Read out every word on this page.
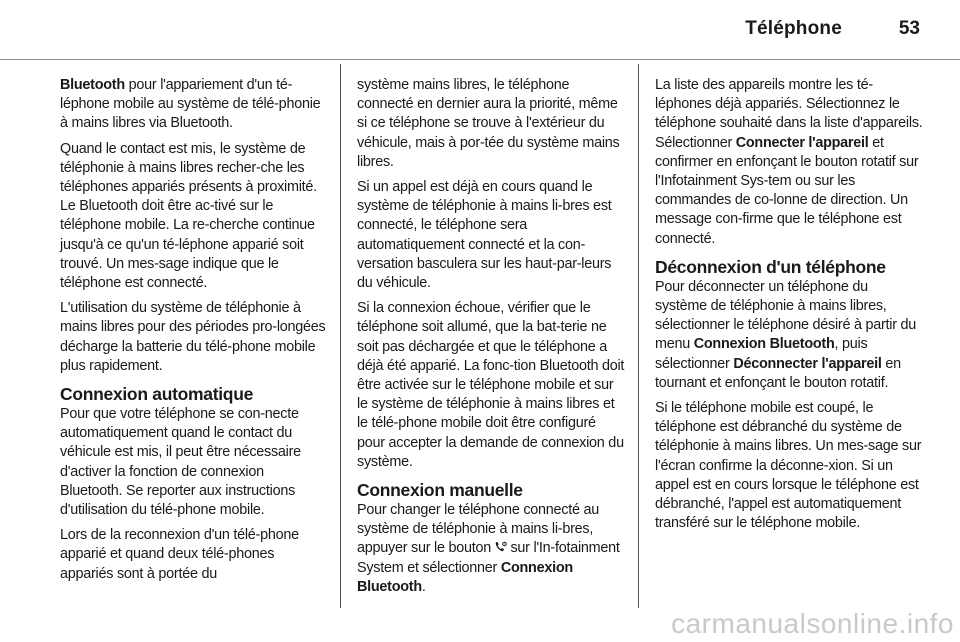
Téléphone	53

Bluetooth pour l'appariement d'un té-léphone mobile au système de télé-phonie à mains libres via Bluetooth.

Quand le contact est mis, le système de téléphonie à mains libres recher-che les téléphones appariés présents à proximité. Le Bluetooth doit être ac-tivé sur le téléphone mobile. La re-cherche continue jusqu'à ce qu'un té-léphone apparié soit trouvé. Un mes-sage indique que le téléphone est connecté.

L'utilisation du système de téléphonie à mains libres pour des périodes pro-longées décharge la batterie du télé-phone mobile plus rapidement.

Connexion automatique

Pour que votre téléphone se con-necte automatiquement quand le contact du véhicule est mis, il peut être nécessaire d'activer la fonction de connexion Bluetooth. Se reporter aux instructions d'utilisation du télé-phone mobile.

Lors de la reconnexion d'un télé-phone apparié et quand deux télé-phones appariés sont à portée du

système mains libres, le téléphone connecté en dernier aura la priorité, même si ce téléphone se trouve à l'extérieur du véhicule, mais à por-tée du système mains libres.

Si un appel est déjà en cours quand le système de téléphonie à mains li-bres est connecté, le téléphone sera automatiquement connecté et la con-versation basculera sur les haut-par-leurs du véhicule.

Si la connexion échoue, vérifier que le téléphone soit allumé, que la bat-terie ne soit pas déchargée et que le téléphone a déjà été apparié. La fonc-tion Bluetooth doit être activée sur le téléphone mobile et sur le système de téléphonie à mains libres et le télé-phone mobile doit être configuré pour accepter la demande de connexion du système.

Connexion manuelle

Pour changer le téléphone connecté au système de téléphonie à mains li-bres, appuyer sur le bouton  sur l'In-fotainment System et sélectionner Connexion Bluetooth.

La liste des appareils montre les té-léphones déjà appariés. Sélectionnez le téléphone souhaité dans la liste d'appareils. Sélectionner Connecter l'appareil et confirmer en enfonçant le bouton rotatif sur l'Infotainment Sys-tem ou sur les commandes de co-lonne de direction. Un message con-firme que le téléphone est connecté.

Déconnexion d'un téléphone

Pour déconnecter un téléphone du système de téléphonie à mains libres, sélectionner le téléphone désiré à partir du menu Connexion Bluetooth, puis sélectionner Déconnecter l'appareil en tournant et enfonçant le bouton rotatif.

Si le téléphone mobile est coupé, le téléphone est débranché du système de téléphonie à mains libres. Un mes-sage sur l'écran confirme la déconne-xion. Si un appel est en cours lorsque le téléphone est débranché, l'appel est automatiquement transféré sur le téléphone mobile.

carmanualsonline.info
